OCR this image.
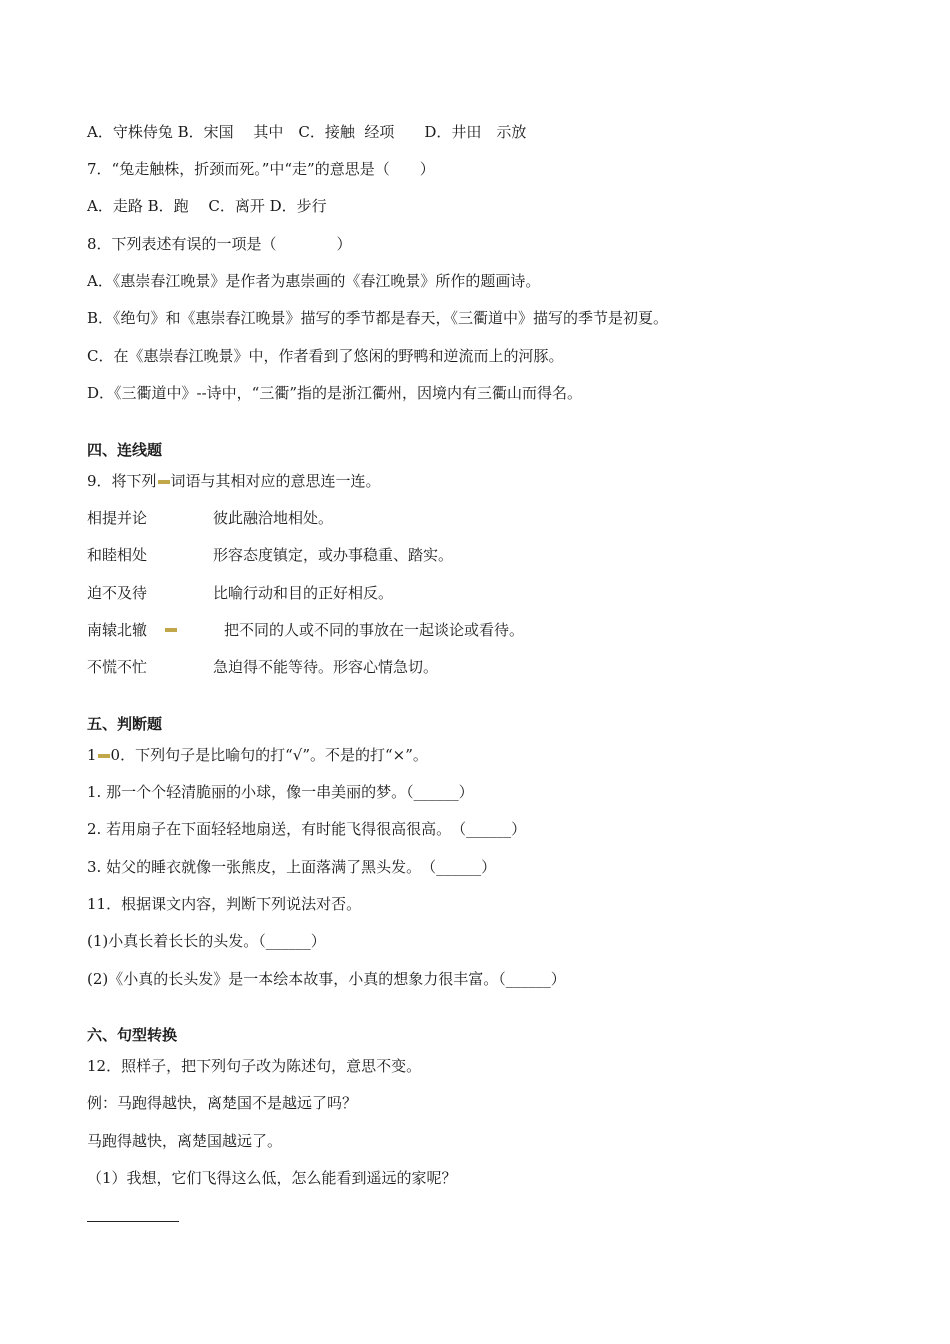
A．守株侍兔 B．宋国　 其中　C．接触  经项　　D．井田　示放
7．“兔走触株，折颈而死。”中“走”的意思是（　　）
A．走路 B．跑　 C．离开 D．步行
8．下列表述有误的一项是（　　　　）
A．《惠崇春江晚景》是作者为惠崇画的《春江晚景》所作的题画诗。
B．《绝句》和《惠崇春江晚景》描写的季节都是春天，《三衢道中》描写的季节是初夏。
C．在《惠崇春江晚景》中，作者看到了悠闲的野鸭和逆流而上的河豚。
D．《三衢道中》--诗中，“三衢”指的是浙江衢州，因境内有三衢山而得名。
四、连线题
9．将下列 词语与其相对应的意思连一连。
相提并论	彼此融洽地相处。
和睦相处	形容态度镇定，或办事稳重、踏实。
迫不及待	比喻行动和目的正好相反。
南辕北辙	把不同的人或不同的事放在一起谈论或看待。
不慌不忙	急迫得不能等待。形容心情急切。
五、判断题
1 0．下列句子是比喻句的打“√”。不是的打“×”。
1. 那一个个轻清脆丽的小球，像一串美丽的梦。（______）
2. 若用扇子在下面轻轻地扇送，有时能飞得很高很高。　（______）
3. 姑父的睡衣就像一张熊皮，上面落满了黑头发。　（______）
11．根据课文内容，判断下列说法对否。
(1)小真长着长长的头发。（______）
(2)《小真的长头发》是一本绘本故事，小真的想象力很丰富。（______）
六、句型转换
12．照样子，把下列句子改为陈述句，意思不变。
例：马跑得越快，离楚国不是越远了吗？
马跑得越快，离楚国越远了。
（1）我想，它们飞得这么低，怎么能看到遥远的家呢？
